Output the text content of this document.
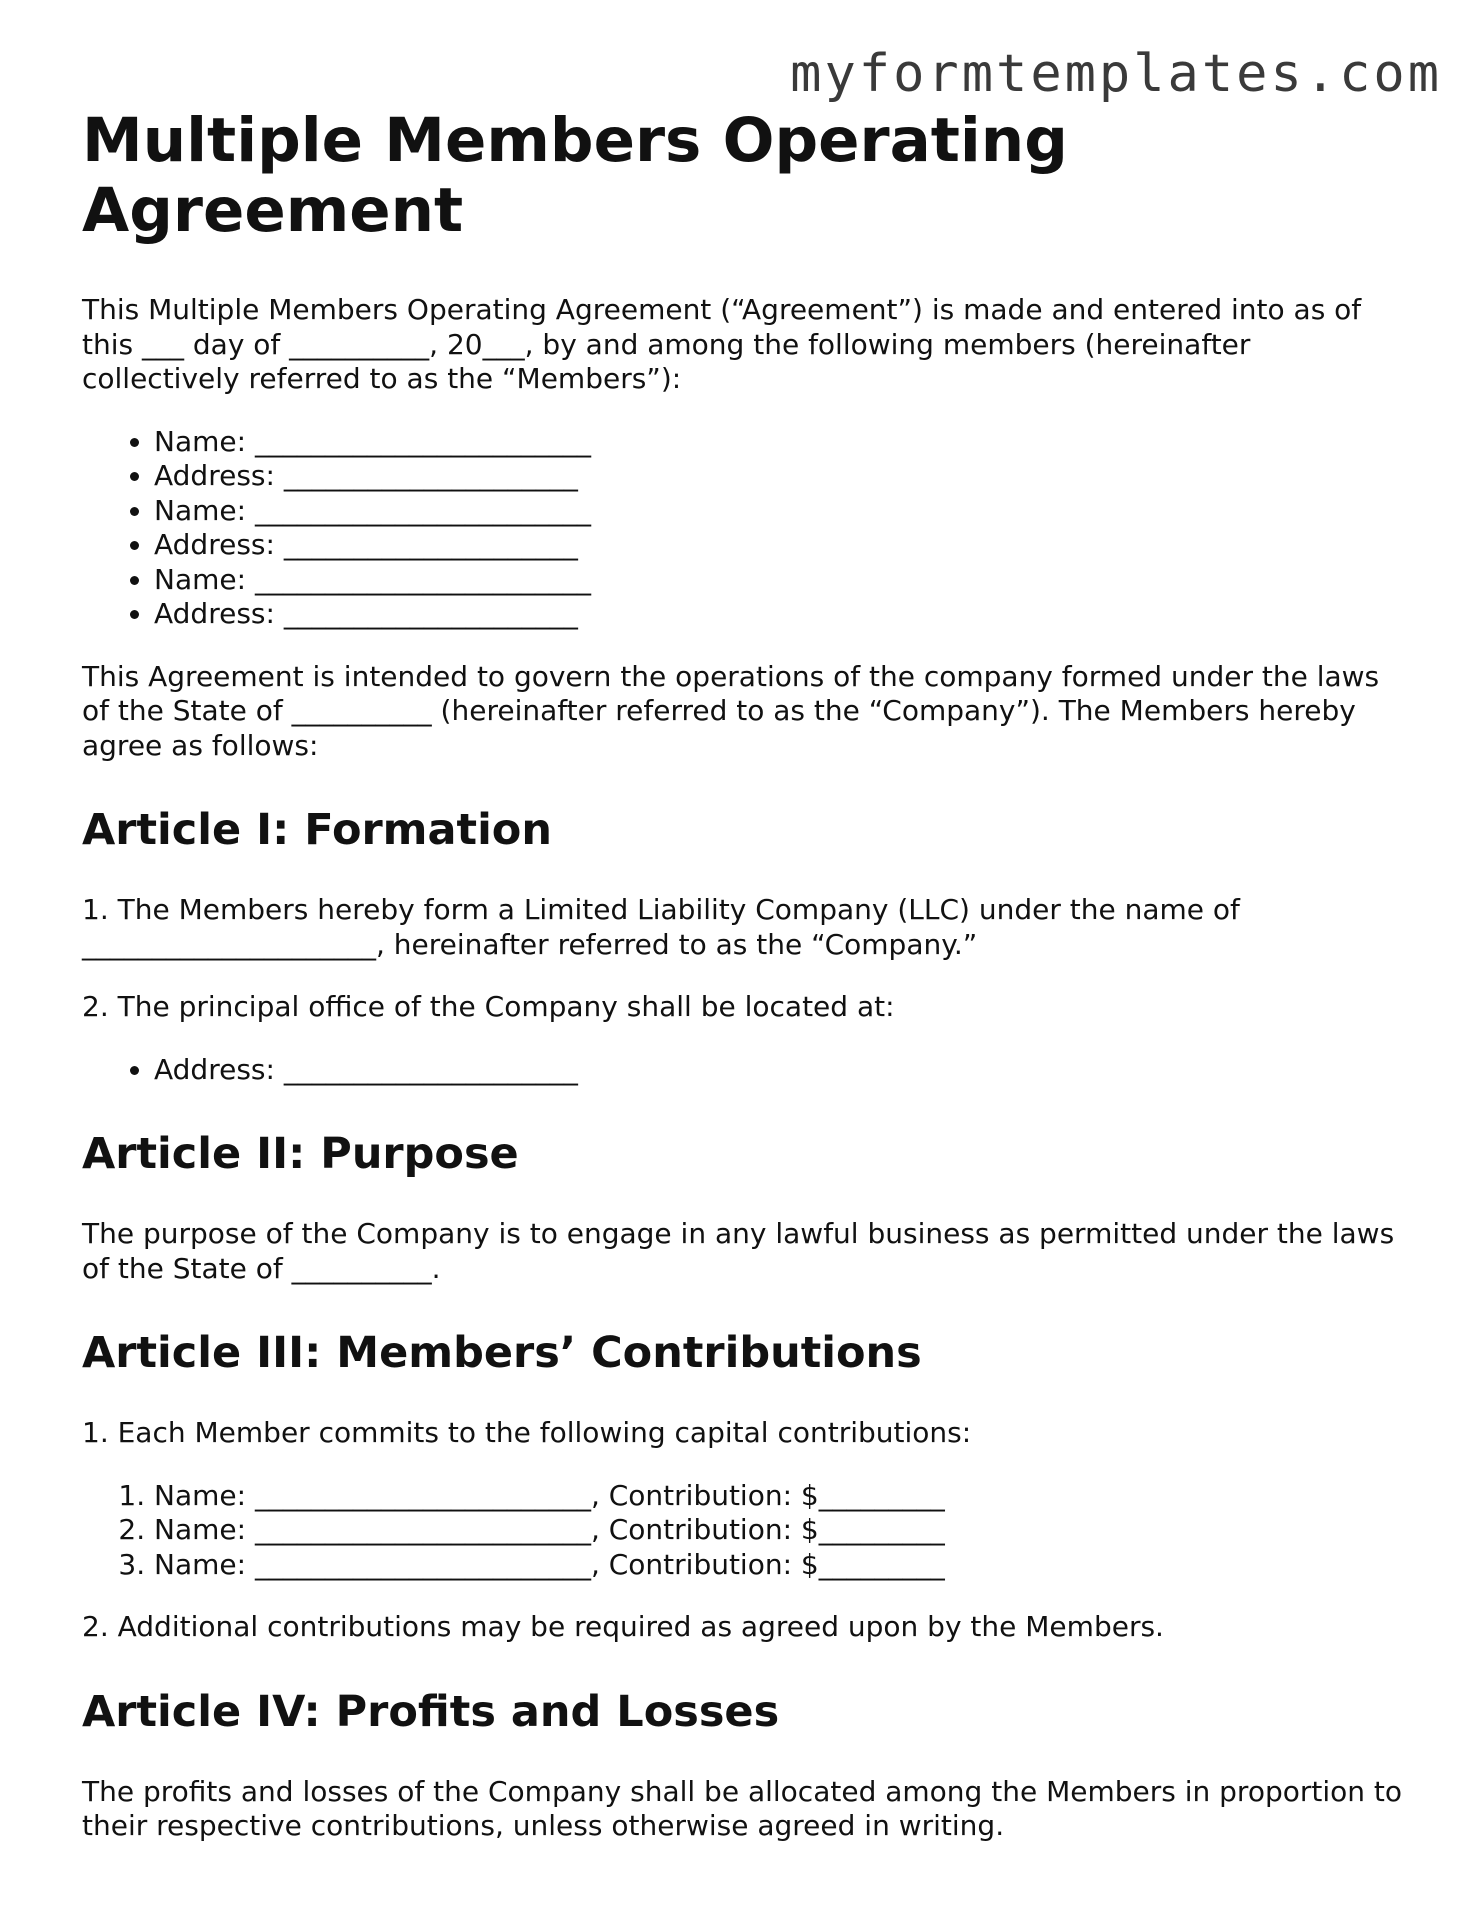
myformtemplates.com
Multiple Members Operating Agreement

This Multiple Members Operating Agreement (“Agreement”) is made and entered into as of this ___ day of __________, 20___, by and among the following members (hereinafter collectively referred to as the “Members”):

• Name: ________________________
• Address: _____________________
• Name: ________________________
• Address: _____________________
• Name: ________________________
• Address: _____________________

This Agreement is intended to govern the operations of the company formed under the laws of the State of __________ (hereinafter referred to as the “Company”). The Members hereby agree as follows:

Article I: Formation

1. The Members hereby form a Limited Liability Company (LLC) under the name of _____________________, hereinafter referred to as the “Company.”

2. The principal office of the Company shall be located at:

• Address: _____________________
Article II: Purpose

The purpose of the Company is to engage in any lawful business as permitted under the laws of the State of __________.

Article III: Members’ Contributions

1. Each Member commits to the following capital contributions:

1. Name: ________________________, Contribution: $_________
2. Name: ________________________, Contribution: $_________
3. Name: ________________________, Contribution: $_________

2. Additional contributions may be required as agreed upon by the Members.

Article IV: Profits and Losses

The profits and losses of the Company shall be allocated among the Members in proportion to their respective contributions, unless otherwise agreed in writing.
